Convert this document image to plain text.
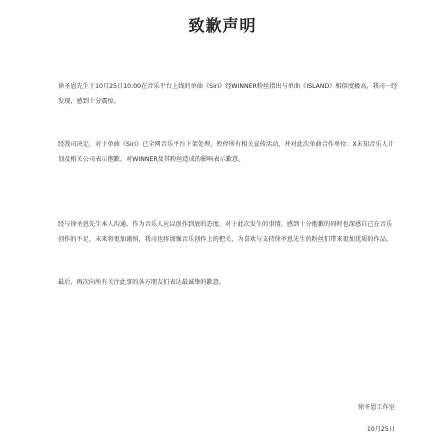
致歉声明

徐圣恩先生于10月25日10:00在音乐平台上线的单曲《Siri》经WINNER粉丝指出与单曲《ISLAND》相似度极高，我司一经发现，感到十分震惊。

经我司决定，对于单曲《Siri》已全网音乐平台下架处理，暂停所有相关宣传活动，并对此次单曲合作单位：X未知音乐人计划及相关公司表示抱歉，对WINNER及其粉丝造成的影响表示歉意。

经与徐圣恩先生本人沟通，作为音乐人应以创作到底的态度，对于此次发生的事情，感到十分抱歉的同时也深感自己在音乐创作的不足，未来将更加谨慎，我司也将加强音乐创作上的把关，为喜欢与支持徐圣恩先生的粉丝们带来更加优质的作品。

最后，再次向所有关注此事的各方朋友们表达最诚挚的歉意。

徐圣恩工作室

10月25日
